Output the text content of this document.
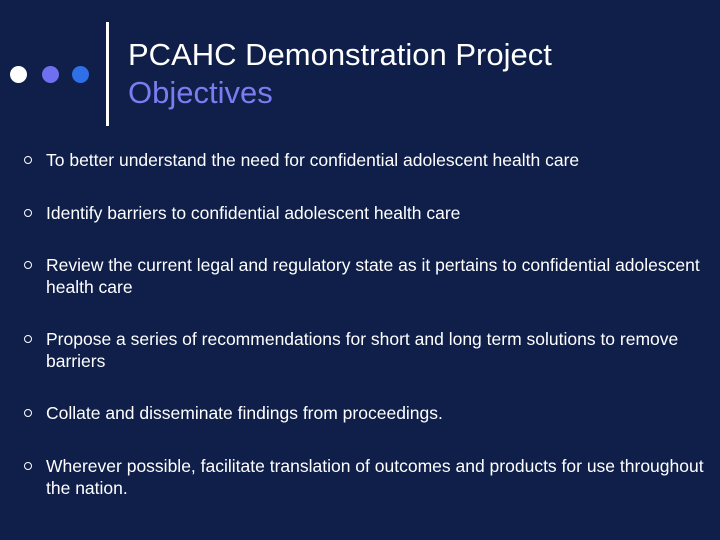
PCAHC Demonstration Project
Objectives
To better understand the need for confidential adolescent health care
Identify barriers to confidential adolescent health care
Review the current legal and regulatory state as it pertains to confidential adolescent health care
Propose a series of recommendations for short and long term solutions to remove barriers
Collate and disseminate findings from proceedings.
Wherever possible, facilitate translation of outcomes and products for use throughout the nation.
